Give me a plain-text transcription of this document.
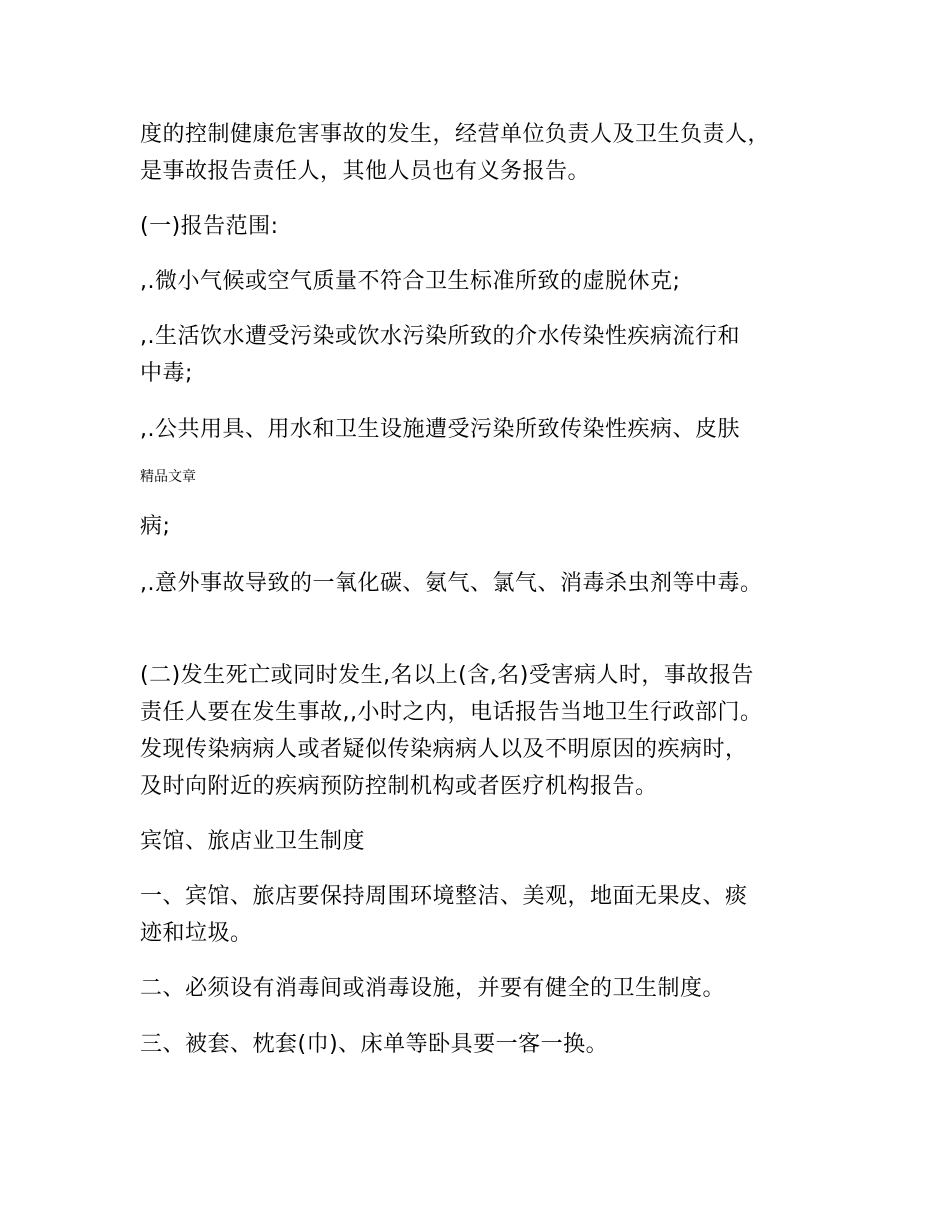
度的控制健康危害事故的发生，经营单位负责人及卫生负责人，
是事故报告责任人，其他人员也有义务报告。
(一)报告范围:
,.微小气候或空气质量不符合卫生标准所致的虚脱休克;
,.生活饮水遭受污染或饮水污染所致的介水传染性疾病流行和
中毒;
,.公共用具、用水和卫生设施遭受污染所致传染性疾病、皮肤
精品文章
病;
,.意外事故导致的一氧化碳、氨气、氯气、消毒杀虫剂等中毒。
(二)发生死亡或同时发生,名以上(含,名)受害病人时，事故报告
责任人要在发生事故,,小时之内，电话报告当地卫生行政部门。
发现传染病病人或者疑似传染病病人以及不明原因的疾病时，
及时向附近的疾病预防控制机构或者医疗机构报告。
宾馆、旅店业卫生制度
一、宾馆、旅店要保持周围环境整洁、美观，地面无果皮、痰
迹和垃圾。
二、必须设有消毒间或消毒设施，并要有健全的卫生制度。
三、被套、枕套(巾)、床单等卧具要一客一换。
